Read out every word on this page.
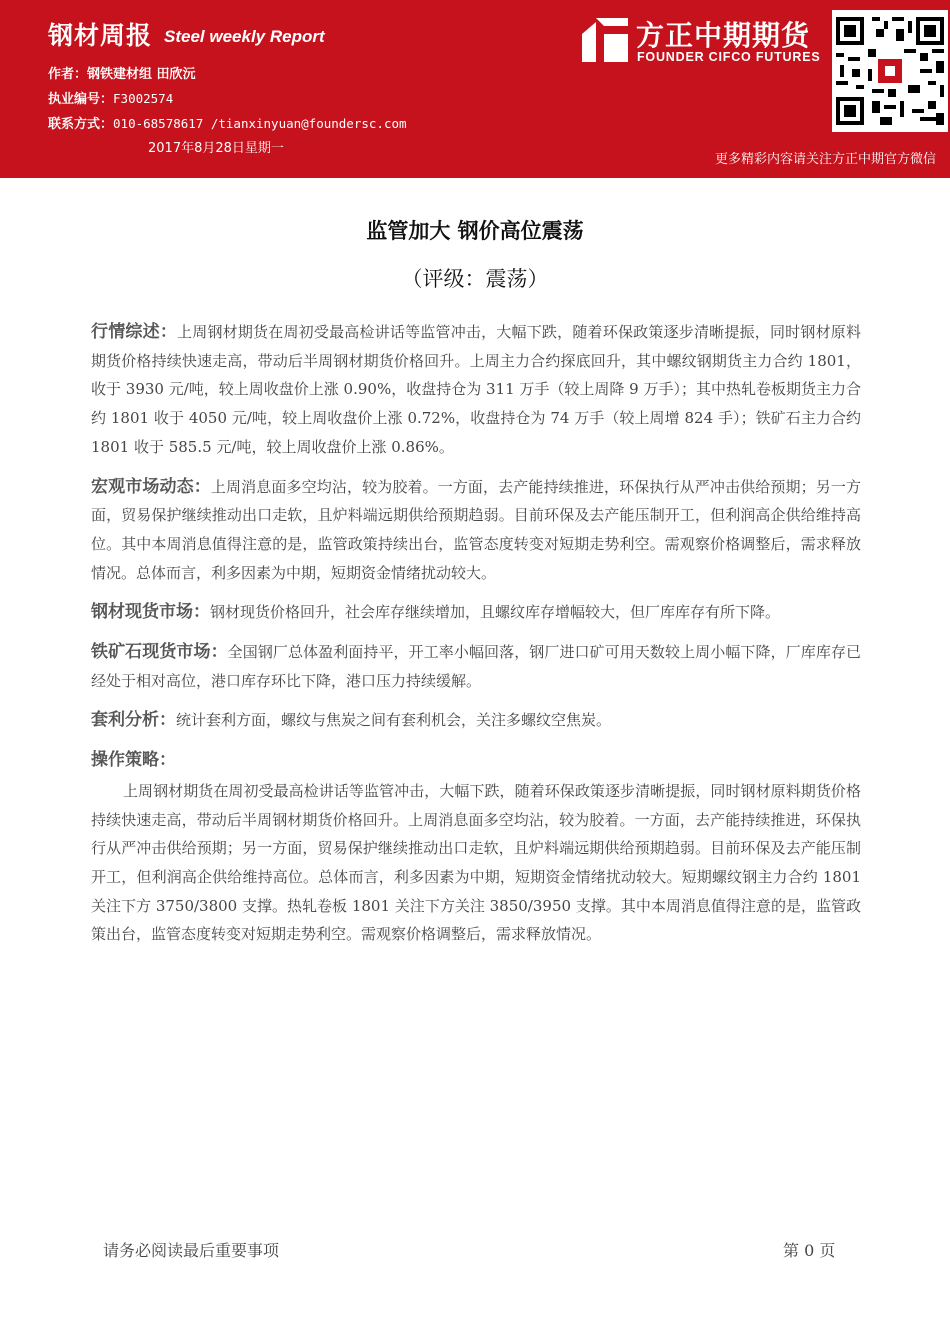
钢材周报 Steel weekly Report
作者：钢铁建材组 田欣沅
执业编号：F3002574
联系方式：010-68578617 /tianxinyuan@foundersc.com
2017年8月28日星期一
方正中期期货
FOUNDER CIFCO FUTURES
更多精彩内容请关注方正中期官方微信
监管加大 钢价高位震荡
（评级：震荡）

行情综述：上周钢材期货在周初受最高检讲话等监管冲击，大幅下跌，随着环保政策逐步清晰提振，同时钢材原料期货价格持续快速走高，带动后半周钢材期货价格回升。上周主力合约探底回升，其中螺纹钢期货主力合约 1801，收于 3930 元/吨，较上周收盘价上涨 0.90%，收盘持仓为 311 万手（较上周降 9 万手）；其中热轧卷板期货主力合约 1801 收于 4050 元/吨，较上周收盘价上涨 0.72%，收盘持仓为 74 万手（较上周增 824 手）；铁矿石主力合约 1801 收于 585.5 元/吨，较上周收盘价上涨 0.86%。

宏观市场动态：上周消息面多空均沾，较为胶着。一方面，去产能持续推进，环保执行从严冲击供给预期；另一方面，贸易保护继续推动出口走软，且炉料端远期供给预期趋弱。目前环保及去产能压制开工，但利润高企供给维持高位。其中本周消息值得注意的是，监管政策持续出台，监管态度转变对短期走势利空。需观察价格调整后，需求释放情况。总体而言，利多因素为中期，短期资金情绪扰动较大。

钢材现货市场：钢材现货价格回升，社会库存继续增加，且螺纹库存增幅较大，但厂库库存有所下降。

铁矿石现货市场：全国钢厂总体盈利面持平，开工率小幅回落，钢厂进口矿可用天数较上周小幅下降，厂库库存已经处于相对高位，港口库存环比下降，港口压力持续缓解。

套利分析：统计套利方面，螺纹与焦炭之间有套利机会，关注多螺纹空焦炭。

操作策略：

上周钢材期货在周初受最高检讲话等监管冲击，大幅下跌，随着环保政策逐步清晰提振，同时钢材原料期货价格持续快速走高，带动后半周钢材期货价格回升。上周消息面多空均沾，较为胶着。一方面，去产能持续推进，环保执行从严冲击供给预期；另一方面，贸易保护继续推动出口走软，且炉料端远期供给预期趋弱。目前环保及去产能压制开工，但利润高企供给维持高位。总体而言，利多因素为中期，短期资金情绪扰动较大。短期螺纹钢主力合约 1801 关注下方 3750/3800 支撑。热轧卷板 1801 关注下方关注 3850/3950 支撑。其中本周消息值得注意的是，监管政策出台，监管态度转变对短期走势利空。需观察价格调整后，需求释放情况。

请务必阅读最后重要事项	第 0 页
